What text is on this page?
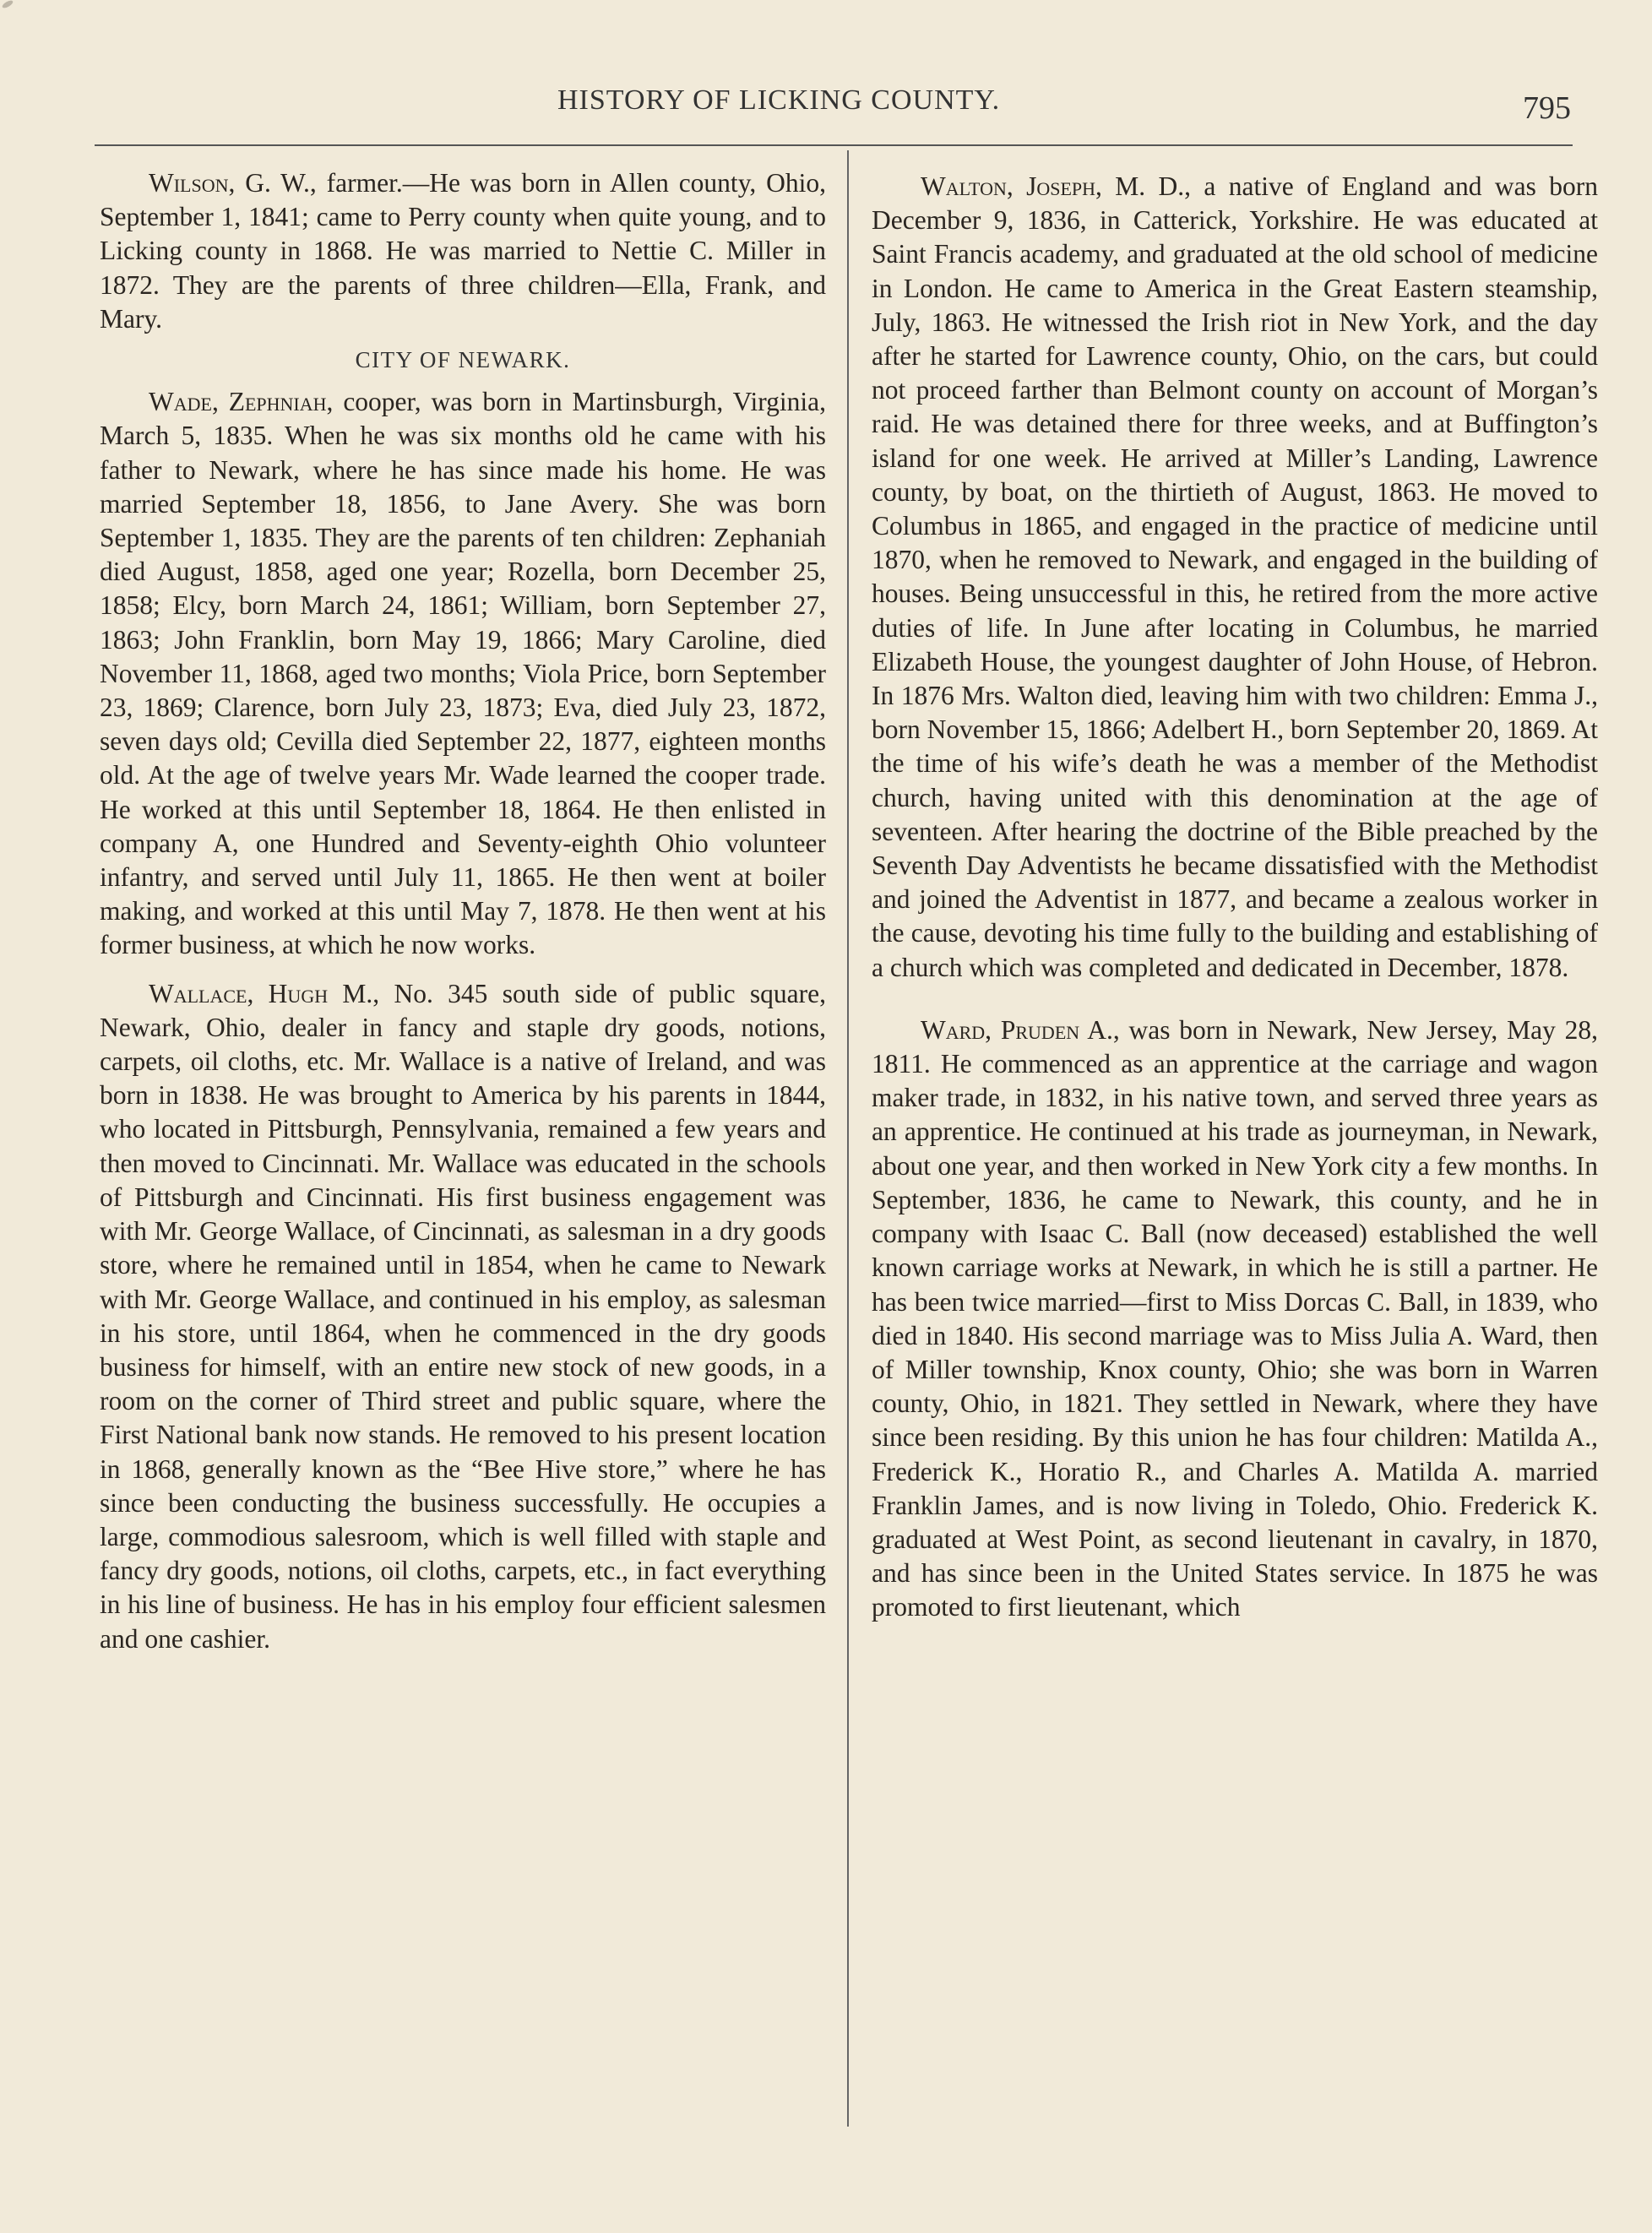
HISTORY OF LICKING COUNTY.	795

Wilson, G. W., farmer.—He was born in Allen county, Ohio, September 1, 1841; came to Perry county when quite young, and to Licking county in 1868. He was married to Nettie C. Miller in 1872. They are the parents of three children—Ella, Frank, and Mary.

CITY OF NEWARK.

Wade, Zephniah, cooper, was born in Martinsburgh, Virginia, March 5, 1835. When he was six months old he came with his father to Newark, where he has since made his home. He was married September 18, 1856, to Jane Avery. She was born September 1, 1835. They are the parents of ten children: Zephaniah died August, 1858, aged one year; Rozella, born December 25, 1858; Elcy, born March 24, 1861; William, born September 27, 1863; John Franklin, born May 19, 1866; Mary Caroline, died November 11, 1868, aged two months; Viola Price, born September 23, 1869; Clarence, born July 23, 1873; Eva, died July 23, 1872, seven days old; Cevilla died September 22, 1877, eighteen months old. At the age of twelve years Mr. Wade learned the cooper trade. He worked at this until September 18, 1864. He then enlisted in company A, one Hundred and Seventy-eighth Ohio volunteer infantry, and served until July 11, 1865. He then went at boiler making, and worked at this until May 7, 1878. He then went at his former business, at which he now works.

Wallace, Hugh M., No. 345 south side of public square, Newark, Ohio, dealer in fancy and staple dry goods, notions, carpets, oil cloths, etc. Mr. Wallace is a native of Ireland, and was born in 1838. He was brought to America by his parents in 1844, who located in Pittsburgh, Pennsylvania, remained a few years and then moved to Cincinnati. Mr. Wallace was educated in the schools of Pittsburgh and Cincinnati. His first business engagement was with Mr. George Wallace, of Cincinnati, as salesman in a dry goods store, where he remained until in 1854, when he came to Newark with Mr. George Wallace, and continued in his employ, as salesman in his store, until 1864, when he commenced in the dry goods business for himself, with an entire new stock of new goods, in a room on the corner of Third street and public square, where the First National bank now stands. He removed to his present location in 1868, generally known as the “Bee Hive store,” where he has since been conducting the business successfully. He occupies a large, commodious salesroom, which is well filled with staple and fancy dry goods, notions, oil cloths, carpets, etc., in fact everything in his line of business. He has in his employ four efficient salesmen and one cashier.

Walton, Joseph, M. D., a native of England and was born December 9, 1836, in Catterick, Yorkshire. He was educated at Saint Francis academy, and graduated at the old school of medicine in London. He came to America in the Great Eastern steamship, July, 1863. He witnessed the Irish riot in New York, and the day after he started for Lawrence county, Ohio, on the cars, but could not proceed farther than Belmont county on account of Morgan’s raid. He was detained there for three weeks, and at Buffington’s island for one week. He arrived at Miller’s Landing, Lawrence county, by boat, on the thirtieth of August, 1863. He moved to Columbus in 1865, and engaged in the practice of medicine until 1870, when he removed to Newark, and engaged in the building of houses. Being unsuccessful in this, he retired from the more active duties of life. In June after locating in Columbus, he married Elizabeth House, the youngest daughter of John House, of Hebron. In 1876 Mrs. Walton died, leaving him with two children: Emma J., born November 15, 1866; Adelbert H., born September 20, 1869. At the time of his wife’s death he was a member of the Methodist church, having united with this denomination at the age of seventeen. After hearing the doctrine of the Bible preached by the Seventh Day Adventists he became dissatisfied with the Methodist and joined the Adventist in 1877, and became a zealous worker in the cause, devoting his time fully to the building and establishing of a church which was completed and dedicated in December, 1878.

Ward, Pruden A., was born in Newark, New Jersey, May 28, 1811. He commenced as an apprentice at the carriage and wagon maker trade, in 1832, in his native town, and served three years as an apprentice. He continued at his trade as journeyman, in Newark, about one year, and then worked in New York city a few months. In September, 1836, he came to Newark, this county, and he in company with Isaac C. Ball (now deceased) established the well known carriage works at Newark, in which he is still a partner. He has been twice married—first to Miss Dorcas C. Ball, in 1839, who died in 1840. His second marriage was to Miss Julia A. Ward, then of Miller township, Knox county, Ohio; she was born in Warren county, Ohio, in 1821. They settled in Newark, where they have since been residing. By this union he has four children: Matilda A., Frederick K., Horatio R., and Charles A. Matilda A. married Franklin James, and is now living in Toledo, Ohio. Frederick K. graduated at West Point, as second lieutenant in cavalry, in 1870, and has since been in the United States service. In 1875 he was promoted to first lieutenant, which
